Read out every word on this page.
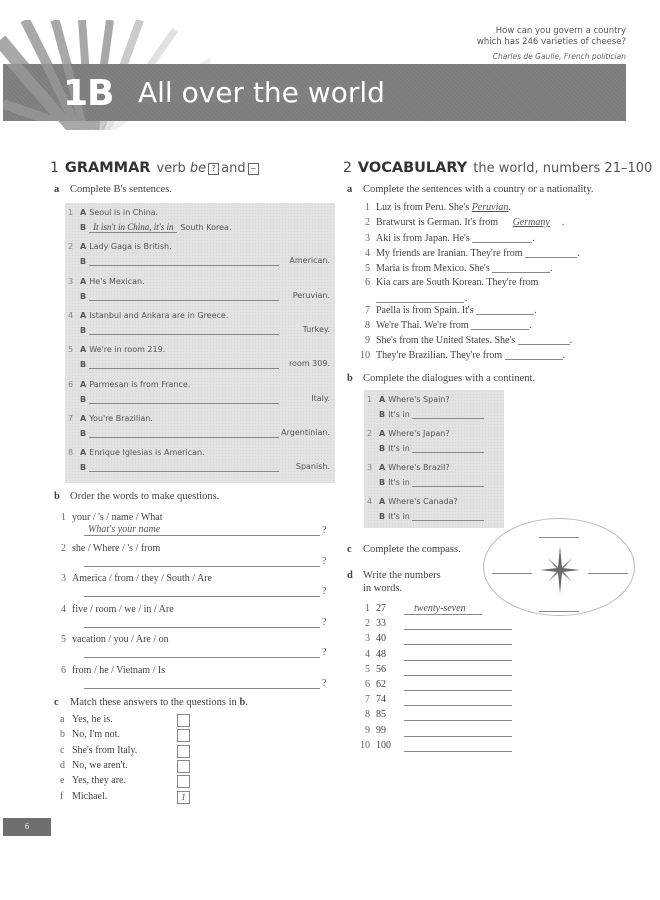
How can you govern a country
which has 246 varieties of cheese?
Charles de Gaulle, French politician
1B All over the world
1 GRAMMAR verb be ? and −
a Complete B's sentences.
1 A Seoul is in China.
B It isn't in China, it's in South Korea.
2 A Lady Gaga is British.
B	American.
3 A He's Mexican.
B	Peruvian.
4 A Istanbul and Ankara are in Greece.
B	Turkey.
5 A We're in room 219.
B	room 309.
6 A Parmesan is from France.
B	Italy.
7 A You're Brazilian.
B	Argentinian.
8 A Enrique Iglesias is American.
B	Spanish.
b Order the words to make questions.
1 your / 's / name / What
?
What's your name
2 she / Where / 's / from
?
3 America / from / they / South / Are
?
4 five / room / we / in / Are
?
5 vacation / you / Are / on
?
6 from / he / Vietnam / Is
?
c Match these answers to the questions in b.
a Yes, he is.
b No, I'm not.
c She's from Italy.
d No, we aren't.
e Yes, they are.
f Michael.	1
2 VOCABULARY the world, numbers 21–100
a Complete the sentences with a country or a nationality.
1 Luz is from Peru. She's Peruvian.
2 Bratwurst is German. It's from Germany .
3 Aki is from Japan. He's	.
4 My friends are Iranian. They're from	.
5 Maria is from Mexico. She's	.
6 Kia cars are South Korean. They're from
.
7 Paella is from Spain. It's	.
8 We're Thai. We're from	.
9 She's from the United States. She's	.
10 They're Brazilian. They're from	.
b Complete the dialogues with a continent.
1 A Where's Spain?
B It's in
2 A Where's Japan?
B It's in
3 A Where's Brazil?
B It's in
4 A Where's Canada?
B It's in
c Complete the compass.
d Write the numbers
in words.
1 27	twenty-seven
2 33
3 40
4 48
5 56
6 62
7 74
8 85
9 99
10 100
6
